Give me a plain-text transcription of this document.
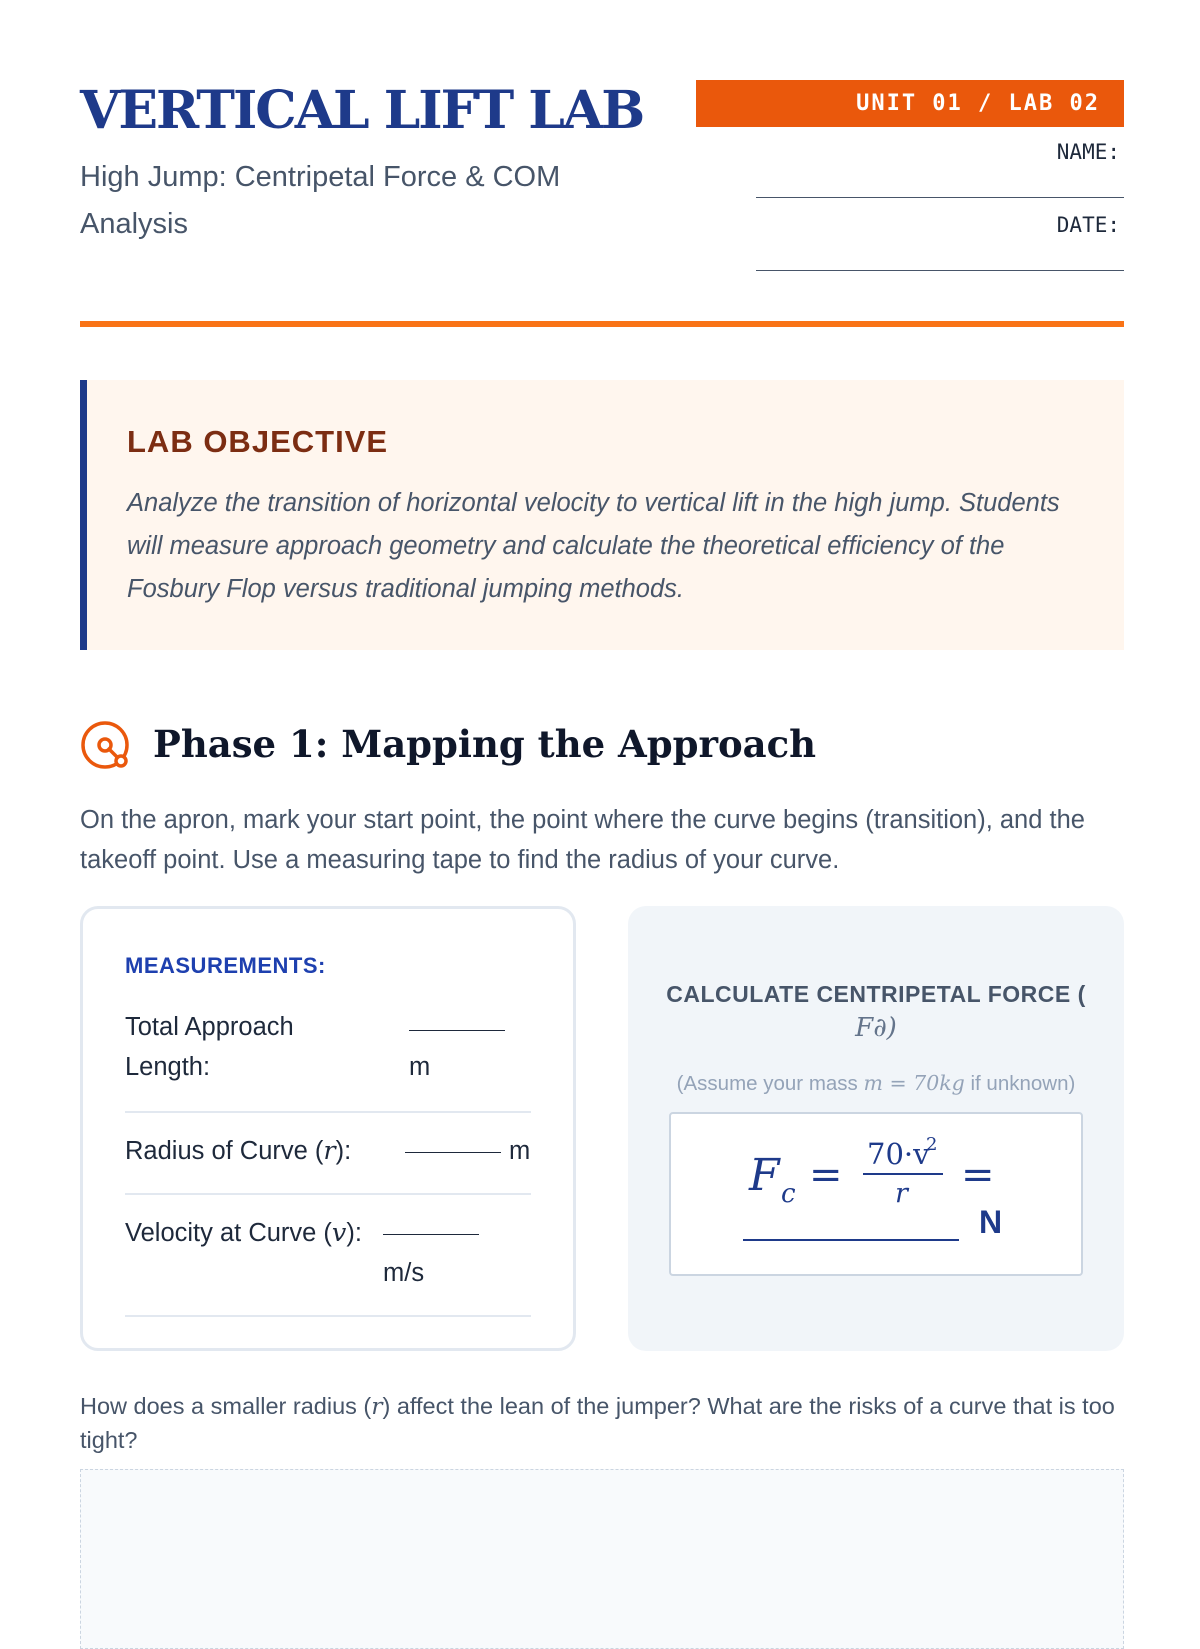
VERTICAL LIFT LAB
High Jump: Centripetal Force & COM Analysis
UNIT 01 / LAB 02
NAME:
DATE:
LAB OBJECTIVE

Analyze the transition of horizontal velocity to vertical lift in the high jump. Students will measure approach geometry and calculate the theoretical efficiency of the Fosbury Flop versus traditional jumping methods.

Phase 1: Mapping the Approach

On the apron, mark your start point, the point where the curve begins (transition), and the takeoff point. Use a measuring tape to find the radius of your curve.

MEASUREMENTS:
Total Approach Length:	m
Radius of Curve (r):	m
Velocity at Curve (v):
m/s
CALCULATE CENTRIPETAL FORCE (
F∂)
(Assume your mass m = 70kg if unknown)
F c = 70·v
2
r =
N

How does a smaller radius (r) affect the lean of the jumper? What are the risks of a curve that is too tight?
